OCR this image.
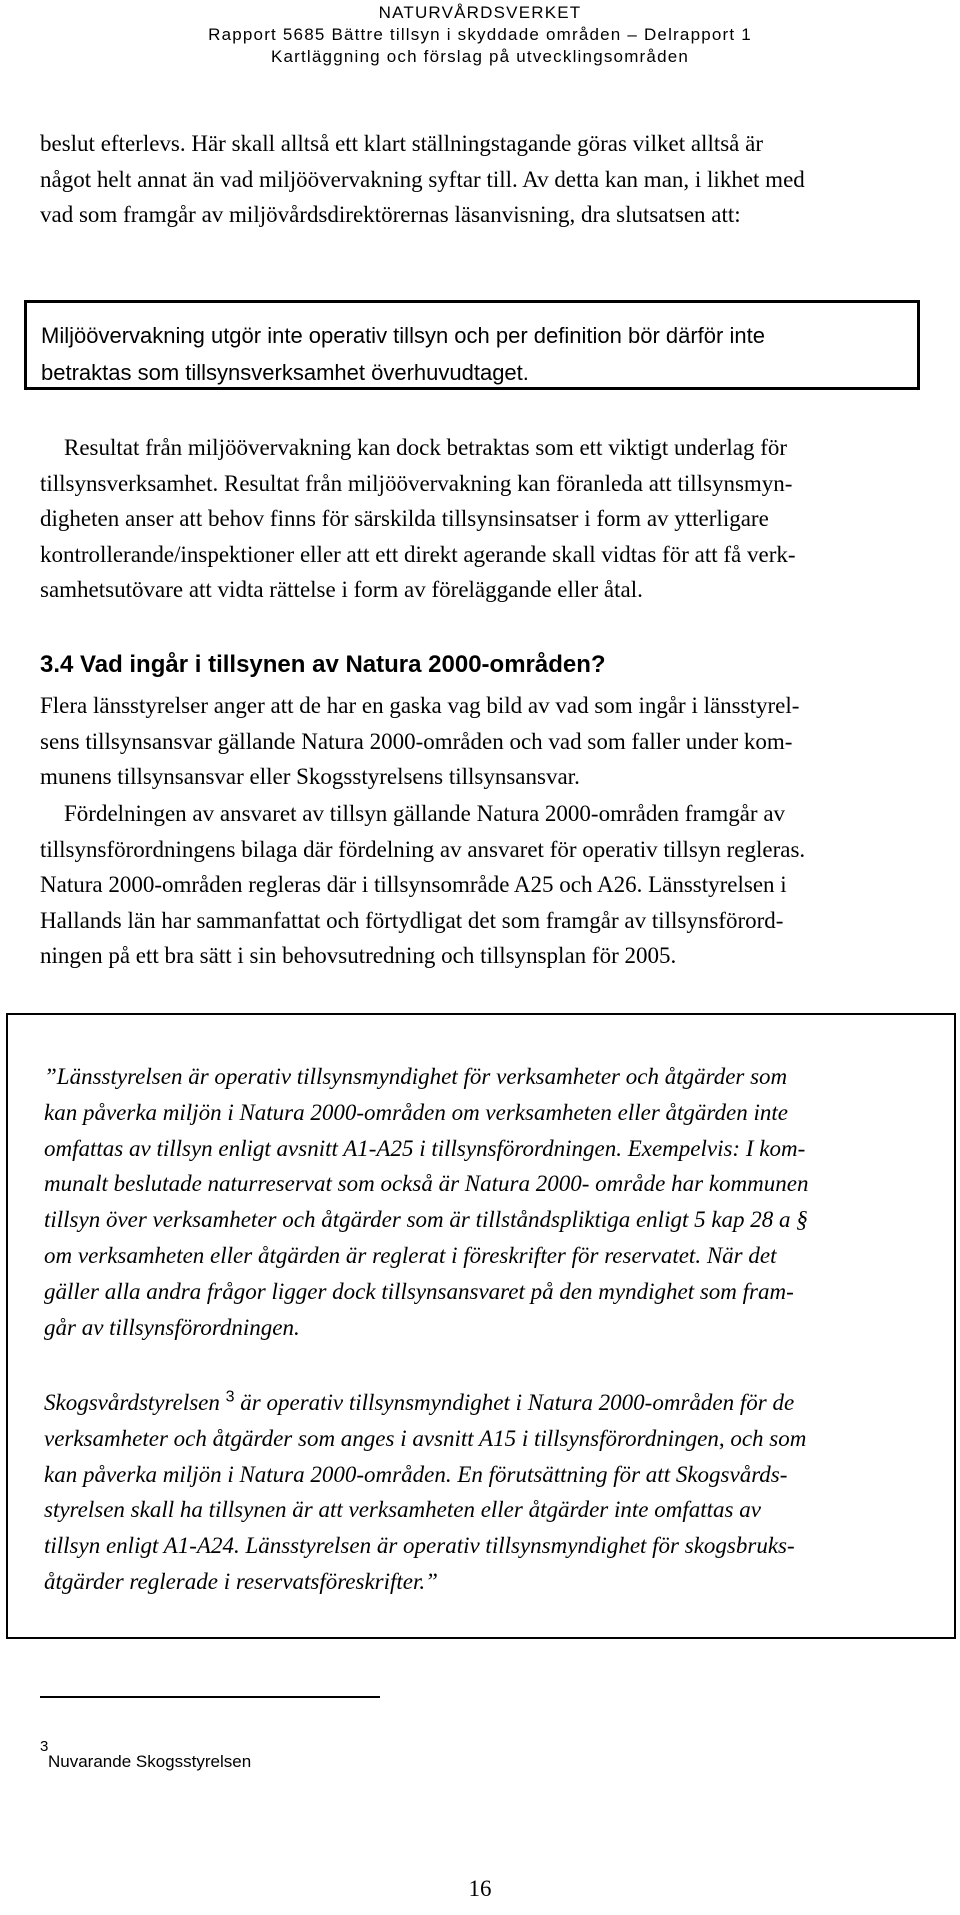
NATURVÅRDSVERKET
Rapport 5685 Bättre tillsyn i skyddade områden – Delrapport 1
Kartläggning och förslag på utvecklingsområden
beslut efterlevs. Här skall alltså ett klart ställningstagande göras vilket alltså är
något helt annat än vad miljöövervakning syftar till. Av detta kan man, i likhet med
vad som framgår av miljövårdsdirektörernas läsanvisning, dra slutsatsen att:

Miljöövervakning utgör inte operativ tillsyn och per definition bör därför inte

betraktas som tillsynsverksamhet överhuvudtaget.

Resultat från miljöövervakning kan dock betraktas som ett viktigt underlag för
tillsynsverksamhet. Resultat från miljöövervakning kan föranleda att tillsynsmyn-
digheten anser att behov finns för särskilda tillsynsinsatser i form av ytterligare
kontrollerande/inspektioner eller att ett direkt agerande skall vidtas för att få verk-
samhetsutövare att vidta rättelse i form av föreläggande eller åtal.
3.4 Vad ingår i tillsynen av Natura 2000-områden?
Flera länsstyrelser anger att de har en gaska vag bild av vad som ingår i länsstyrel-
sens tillsynsansvar gällande Natura 2000-områden och vad som faller under kom-
munens tillsynsansvar eller Skogsstyrelsens tillsynsansvar.
Fördelningen av ansvaret av tillsyn gällande Natura 2000-områden framgår av
tillsynsförordningens bilaga där fördelning av ansvaret för operativ tillsyn regleras.
Natura 2000-områden regleras där i tillsynsområde A25 och A26. Länsstyrelsen i
Hallands län har sammanfattat och förtydligat det som framgår av tillsynsförord-
ningen på ett bra sätt i sin behovsutredning och tillsynsplan för 2005.
”Länsstyrelsen är operativ tillsynsmyndighet för verksamheter och åtgärder som
kan påverka miljön i Natura 2000-områden om verksamheten eller åtgärden inte
omfattas av tillsyn enligt avsnitt A1-A25 i tillsynsförordningen. Exempelvis: I kom-
munalt beslutade naturreservat som också är Natura 2000- område har kommunen
tillsyn över verksamheter och åtgärder som är tillståndspliktiga enligt 5 kap 28 a §
om verksamheten eller åtgärden är reglerat i föreskrifter för reservatet. När det
gäller alla andra frågor ligger dock tillsynsansvaret på den myndighet som fram-
går av tillsynsförordningen.
Skogsvårdstyrelsen $^3$ är operativ tillsynsmyndighet i Natura 2000-områden för de
verksamheter och åtgärder som anges i avsnitt A15 i tillsynsförordningen, och som
kan påverka miljön i Natura 2000-områden. En förutsättning för att Skogsvårds-
styrelsen skall ha tillsynen är att verksamheten eller åtgärder inte omfattas av
tillsyn enligt A1-A24. Länsstyrelsen är operativ tillsynsmyndighet för skogsbruks-
åtgärder reglerade i reservatsföreskrifter.”
3
Nuvarande Skogsstyrelsen
16
